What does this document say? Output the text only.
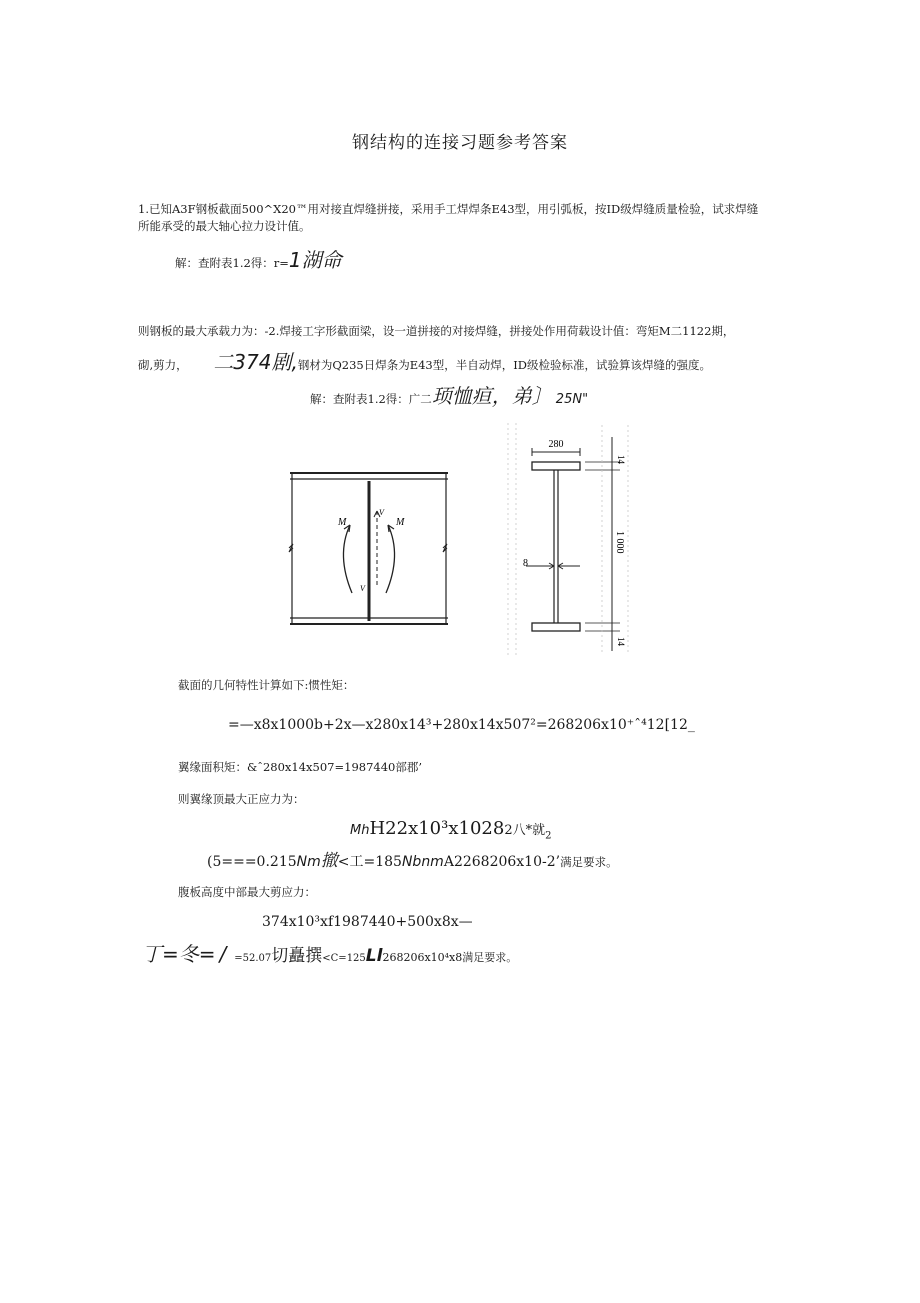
钢结构的连接习题参考答案
1.已知A3F钢板截面500^X20™用对接直焊缝拼接，采用手工焊焊条E43型，用引弧板，按ID级焊缝质量检验，试求焊缝
所能承受的最大轴心拉力设计值。
解：查附表1.2得：r=1湖命
则钢板的最大承载力为：-2.焊接工字形截面梁，设一道拼接的对接焊缝，拼接处作用荷载设计值：弯矩M二1122期，
砌,剪力， 二374剧,钢材为Q235日焊条为E43型，半自动焊，ID级检验标准，试验算该焊缝的强度。
解：查附表1.2得：广二顼恤疸，弟〕 25N"
M	M
V
V
280
8
14
1 000
14
截面的几何特性计算如下:惯性矩：
=—x8x1000b+2x—x280x14³+280x14x507²=268206x10⁺ˆ⁴12[12_
翼缘面积矩：&ˆ280x14x507=1987440部郡’
则翼缘顶最大正应力为：
MhH22x10³x10282八*就$_2$
(5===0.215Nm撤<工=185NbnmA2268206x10-2’满足要求。
腹板高度中部最大剪应力：
374x10³xf1987440+500x8x—
丁=冬= / =52.07切矗撰<C=125Ll268206x10⁴x8满足要求。
